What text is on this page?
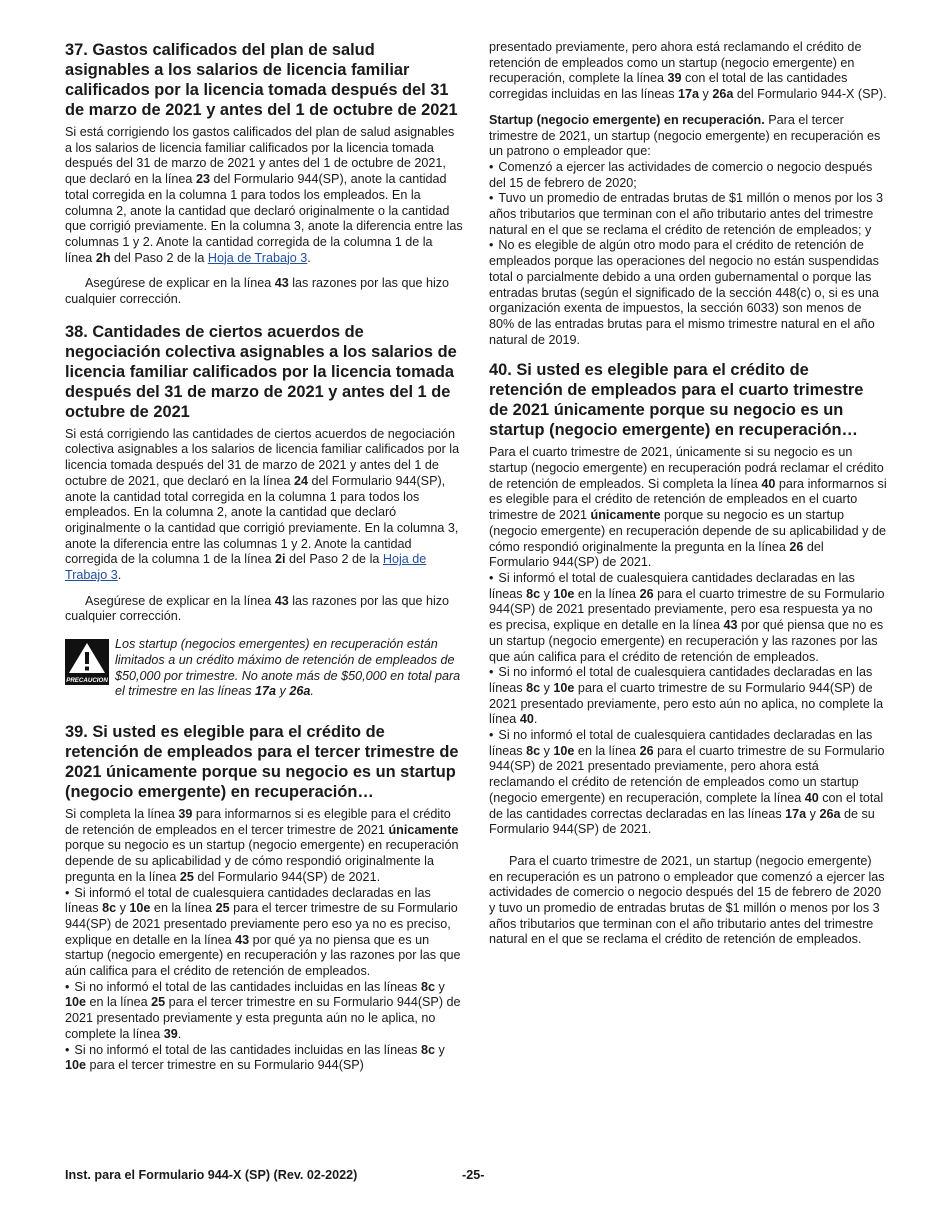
37. Gastos calificados del plan de salud asignables a los salarios de licencia familiar calificados por la licencia tomada después del 31 de marzo de 2021 y antes del 1 de octubre de 2021

Si está corrigiendo los gastos calificados del plan de salud asignables a los salarios de licencia familiar calificados por la licencia tomada después del 31 de marzo de 2021 y antes del 1 de octubre de 2021, que declaró en la línea 23 del Formulario 944(SP), anote la cantidad total corregida en la columna 1 para todos los empleados. En la columna 2, anote la cantidad que declaró originalmente o la cantidad que corrigió previamente. En la columna 3, anote la diferencia entre las columnas 1 y 2. Anote la cantidad corregida de la columna 1 de la línea 2h del Paso 2 de la Hoja de Trabajo 3.

Asegúrese de explicar en la línea 43 las razones por las que hizo cualquier corrección.

38. Cantidades de ciertos acuerdos de negociación colectiva asignables a los salarios de licencia familiar calificados por la licencia tomada después del 31 de marzo de 2021 y antes del 1 de octubre de 2021

Si está corrigiendo las cantidades de ciertos acuerdos de negociación colectiva asignables a los salarios de licencia familiar calificados por la licencia tomada después del 31 de marzo de 2021 y antes del 1 de octubre de 2021, que declaró en la línea 24 del Formulario 944(SP), anote la cantidad total corregida en la columna 1 para todos los empleados. En la columna 2, anote la cantidad que declaró originalmente o la cantidad que corrigió previamente. En la columna 3, anote la diferencia entre las columnas 1 y 2. Anote la cantidad corregida de la columna 1 de la línea 2i del Paso 2 de la Hoja de Trabajo 3.

Asegúrese de explicar en la línea 43 las razones por las que hizo cualquier corrección.

PRECAUCION
Los startup (negocios emergentes) en recuperación están limitados a un crédito máximo de retención de empleados de $50,000 por trimestre. No anote más de $50,000 en total para el trimestre en las líneas 17a y 26a.
39. Si usted es elegible para el crédito de retención de empleados para el tercer trimestre de 2021 únicamente porque su negocio es un startup (negocio emergente) en recuperación…

Si completa la línea 39 para informarnos si es elegible para el crédito de retención de empleados en el tercer trimestre de 2021 únicamente porque su negocio es un startup (negocio emergente) en recuperación depende de su aplicabilidad y de cómo respondió originalmente la pregunta en la línea 25 del Formulario 944(SP) de 2021.

• Si informó el total de cualesquiera cantidades declaradas en las líneas 8c y 10e en la línea 25 para el tercer trimestre de su Formulario 944(SP) de 2021 presentado previamente pero eso ya no es preciso, explique en detalle en la línea 43 por qué ya no piensa que es un startup (negocio emergente) en recuperación y las razones por las que aún califica para el crédito de retención de empleados.

• Si no informó el total de las cantidades incluidas en las líneas 8c y 10e en la línea 25 para el tercer trimestre en su Formulario 944(SP) de 2021 presentado previamente y esta pregunta aún no le aplica, no complete la línea 39.

• Si no informó el total de las cantidades incluidas en las líneas 8c y 10e para el tercer trimestre en su Formulario 944(SP)

presentado previamente, pero ahora está reclamando el crédito de retención de empleados como un startup (negocio emergente) en recuperación, complete la línea 39 con el total de las cantidades corregidas incluidas en las líneas 17a y 26a del Formulario 944-X (SP).

Startup (negocio emergente) en recuperación. Para el tercer trimestre de 2021, un startup (negocio emergente) en recuperación es un patrono o empleador que:

• Comenzó a ejercer las actividades de comercio o negocio después del 15 de febrero de 2020;

• Tuvo un promedio de entradas brutas de $1 millón o menos por los 3 años tributarios que terminan con el año tributario antes del trimestre natural en el que se reclama el crédito de retención de empleados; y

• No es elegible de algún otro modo para el crédito de retención de empleados porque las operaciones del negocio no están suspendidas total o parcialmente debido a una orden gubernamental o porque las entradas brutas (según el significado de la sección 448(c) o, si es una organización exenta de impuestos, la sección 6033) son menos de 80% de las entradas brutas para el mismo trimestre natural en el año natural de 2019.

40. Si usted es elegible para el crédito de retención de empleados para el cuarto trimestre de 2021 únicamente porque su negocio es un startup (negocio emergente) en recuperación…

Para el cuarto trimestre de 2021, únicamente si su negocio es un startup (negocio emergente) en recuperación podrá reclamar el crédito de retención de empleados. Si completa la línea 40 para informarnos si es elegible para el crédito de retención de empleados en el cuarto trimestre de 2021 únicamente porque su negocio es un startup (negocio emergente) en recuperación depende de su aplicabilidad y de cómo respondió originalmente la pregunta en la línea 26 del Formulario 944(SP) de 2021.

• Si informó el total de cualesquiera cantidades declaradas en las líneas 8c y 10e en la línea 26 para el cuarto trimestre de su Formulario 944(SP) de 2021 presentado previamente, pero esa respuesta ya no es precisa, explique en detalle en la línea 43 por qué piensa que no es un startup (negocio emergente) en recuperación y las razones por las que aún califica para el crédito de retención de empleados.

• Si no informó el total de cualesquiera cantidades declaradas en las líneas 8c y 10e para el cuarto trimestre de su Formulario 944(SP) de 2021 presentado previamente, pero esto aún no aplica, no complete la línea 40.

• Si no informó el total de cualesquiera cantidades declaradas en las líneas 8c y 10e en la línea 26 para el cuarto trimestre de su Formulario 944(SP) de 2021 presentado previamente, pero ahora está reclamando el crédito de retención de empleados como un startup (negocio emergente) en recuperación, complete la línea 40 con el total de las cantidades correctas declaradas en las líneas 17a y 26a de su Formulario 944(SP) de 2021.

Para el cuarto trimestre de 2021, un startup (negocio emergente) en recuperación es un patrono o empleador que comenzó a ejercer las actividades de comercio o negocio después del 15 de febrero de 2020 y tuvo un promedio de entradas brutas de $1 millón o menos por los 3 años tributarios que terminan con el año tributario antes del trimestre natural en el que se reclama el crédito de retención de empleados.

Inst. para el Formulario 944-X (SP) (Rev. 02-2022)	-25-
